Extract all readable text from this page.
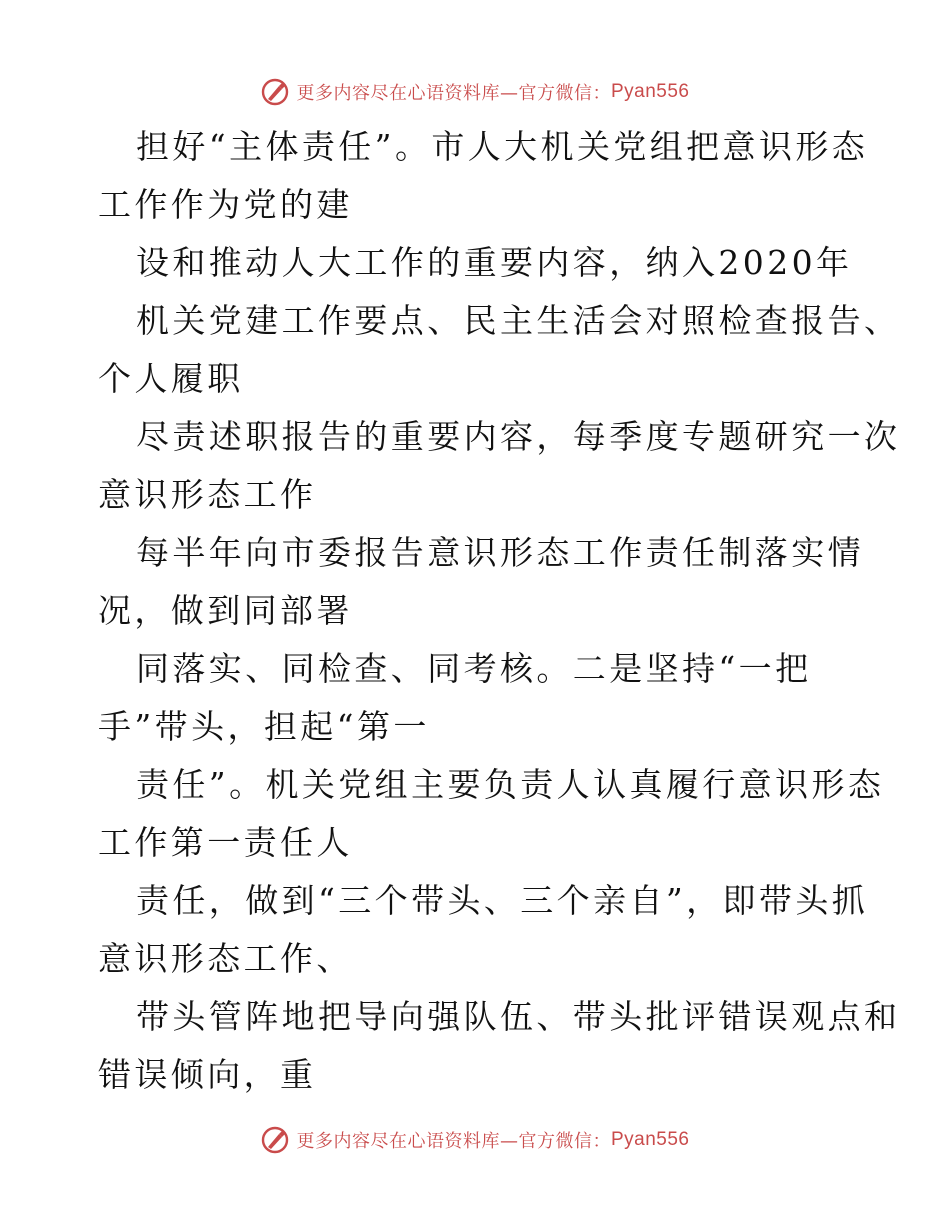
更多内容尽在心语资料库—官方微信： Pyan556
担好“主体责任”。市人大机关党组把意识形态
工作作为党的建
设和推动人大工作的重要内容，纳入2020年
机关党建工作要点、民主生活会对照检查报告、
个人履职
尽责述职报告的重要内容，每季度专题研究一次
意识形态工作
每半年向市委报告意识形态工作责任制落实情
况，做到同部署
同落实、同检查、同考核。二是坚持“一把
手”带头，担起“第一
责任”。机关党组主要负责人认真履行意识形态
工作第一责任人
责任，做到“三个带头、三个亲自”，即带头抓
意识形态工作、
带头管阵地把导向强队伍、带头批评错误观点和
错误倾向，重
更多内容尽在心语资料库—官方微信： Pyan556
